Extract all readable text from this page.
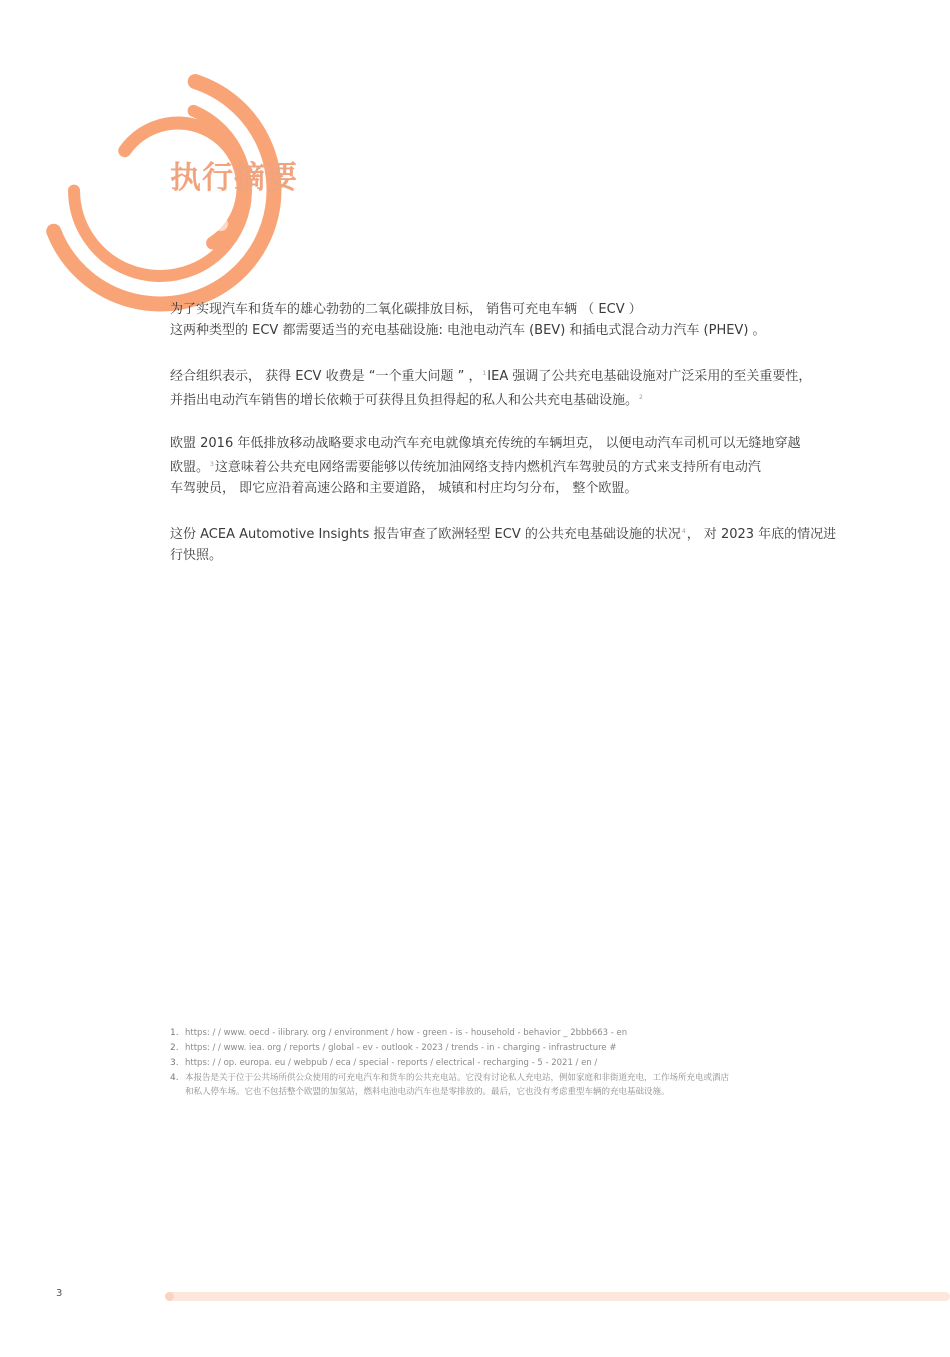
执行摘要
为了实现汽车和货车的雄心勃勃的二氧化碳排放目标， 销售可充电车辆 （ ECV ）
这两种类型的 ECV 都需要适当的充电基础设施: 电池电动汽车 (BEV) 和插电式混合动力汽车 (PHEV) 。
经合组织表示， 获得 ECV 收费是 “一个重大问题 ” ，$^1$IEA 强调了公共充电基础设施对广泛采用的至关重要性，
并指出电动汽车销售的增长依赖于可获得且负担得起的私人和公共充电基础设施。$^2$
欧盟 2016 年低排放移动战略要求电动汽车充电就像填充传统的车辆坦克， 以便电动汽车司机可以无缝地穿越
欧盟。$^3$这意味着公共充电网络需要能够以传统加油网络支持内燃机汽车驾驶员的方式来支持所有电动汽
车驾驶员， 即它应沿着高速公路和主要道路， 城镇和村庄均匀分布， 整个欧盟。
这份 ACEA Automotive Insights 报告审查了欧洲轻型 ECV 的公共充电基础设施的状况$^4$， 对 2023 年底的情况进
行快照。
1. https: / / www. oecd - ilibrary. org / environment / how - green - is - household - behavior _ 2bbb663 - en
2. https: / / www. iea. org / reports / global - ev - outlook - 2023 / trends - in - charging - infrastructure #
3. https: / / op. europa. eu / webpub / eca / special - reports / electrical - recharging - 5 - 2021 / en /
4. 本报告是关于位于公共场所供公众使用的可充电汽车和货车的公共充电站。它没有讨论私人充电站，例如家庭和非街道充电，工作场所充电或酒店
和私人停车场。它也不包括整个欧盟的加氢站，燃料电池电动汽车也是零排放的。最后，它也没有考虑重型车辆的充电基础设施。
3
